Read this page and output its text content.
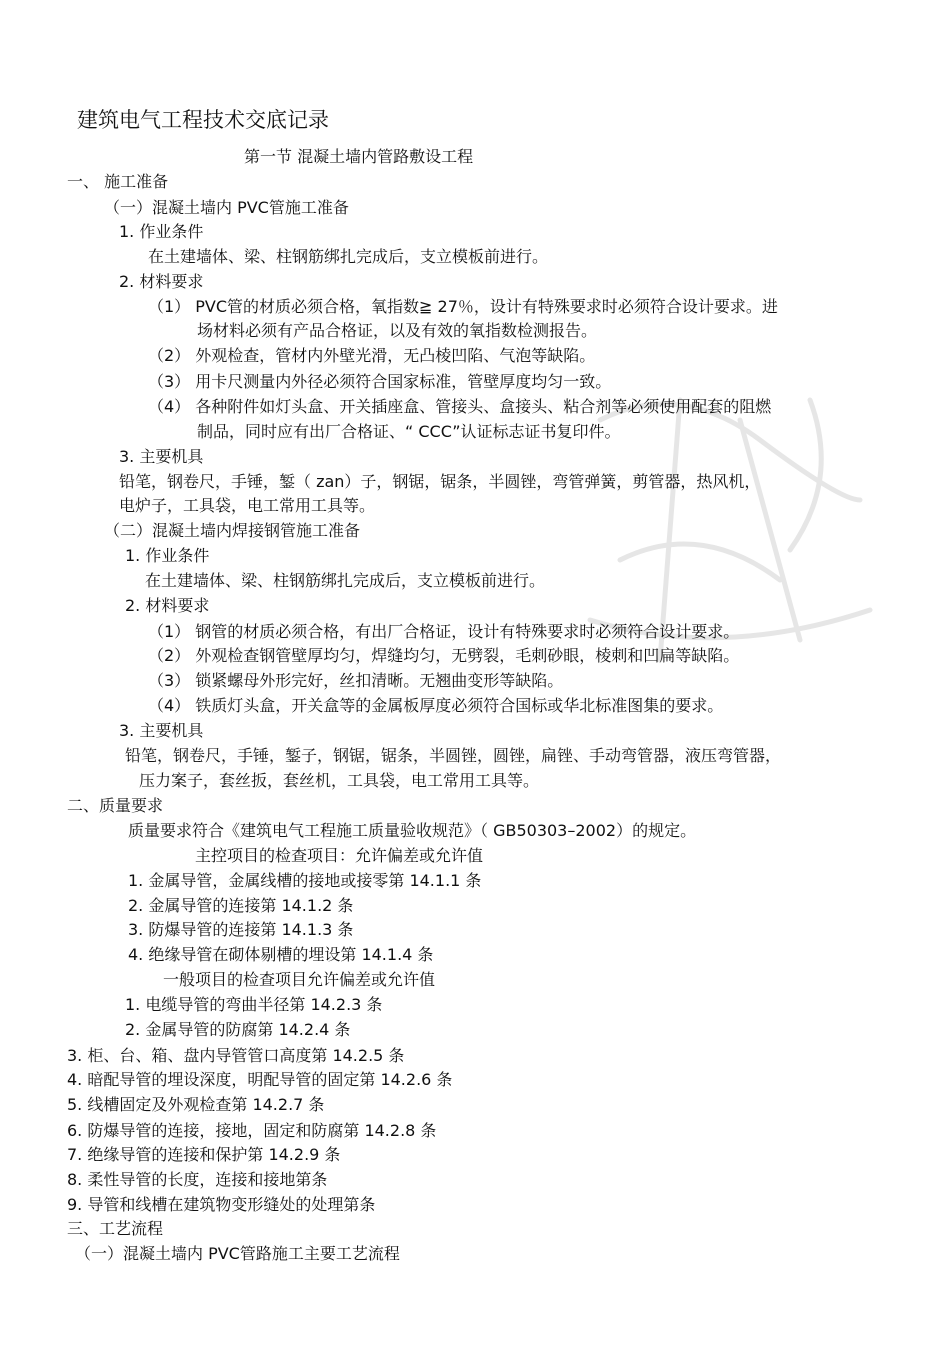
建筑电气工程技术交底记录
第一节 混凝土墙内管路敷设工程
一、 施工准备
（一）混凝土墙内 PVC管施工准备
1. 作业条件
在土建墙体、梁、柱钢筋绑扎完成后，支立模板前进行。
2. 材料要求
（1） PVC管的材质必须合格，氧指数≧ 27％，设计有特殊要求时必须符合设计要求。进
场材料必须有产品合格证，以及有效的氧指数检测报告。
（2） 外观检查，管材内外壁光滑，无凸棱凹陷、气泡等缺陷。
（3） 用卡尺测量内外径必须符合国家标准，管壁厚度均匀一致。
（4） 各种附件如灯头盒、开关插座盒、管接头、盒接头、粘合剂等必须使用配套的阻燃
制品，同时应有出厂合格证、“ CCC”认证标志证书复印件。
3. 主要机具
铅笔，钢卷尺，手锤，錾（ zan）子，钢锯，锯条，半圆锉，弯管弹簧，剪管器，热风机，
电炉子，工具袋，电工常用工具等。
（二）混凝土墙内焊接钢管施工准备
1. 作业条件
在土建墙体、梁、柱钢筋绑扎完成后，支立模板前进行。
2. 材料要求
（1） 钢管的材质必须合格，有出厂合格证，设计有特殊要求时必须符合设计要求。
（2） 外观检查钢管壁厚均匀，焊缝均匀，无劈裂，毛刺砂眼，棱刺和凹扁等缺陷。
（3） 锁紧螺母外形完好，丝扣清晰。无翘曲变形等缺陷。
（4） 铁质灯头盒，开关盒等的金属板厚度必须符合国标或华北标准图集的要求。
3. 主要机具
铅笔，钢卷尺，手锤，錾子，钢锯，锯条，半圆锉，圆锉，扁锉、手动弯管器，液压弯管器，
压力案子，套丝扳，套丝机，工具袋，电工常用工具等。
二、质量要求
质量要求符合《建筑电气工程施工质量验收规范》（ GB50303–2002）的规定。
主控项目的检查项目：允许偏差或允许值
1. 金属导管，金属线槽的接地或接零第 14.1.1 条
2. 金属导管的连接第 14.1.2 条
3. 防爆导管的连接第 14.1.3 条
4. 绝缘导管在砌体剔槽的埋设第 14.1.4 条
一般项目的检查项目允许偏差或允许值
1. 电缆导管的弯曲半径第 14.2.3 条
2. 金属导管的防腐第 14.2.4 条
3. 柜、台、箱、盘内导管管口高度第 14.2.5 条
4. 暗配导管的埋设深度，明配导管的固定第 14.2.6 条
5. 线槽固定及外观检查第 14.2.7 条
6. 防爆导管的连接，接地，固定和防腐第 14.2.8 条
7. 绝缘导管的连接和保护第 14.2.9 条
8. 柔性导管的长度，连接和接地第条
9. 导管和线槽在建筑物变形缝处的处理第条
三、工艺流程
（一）混凝土墙内 PVC管路施工主要工艺流程
